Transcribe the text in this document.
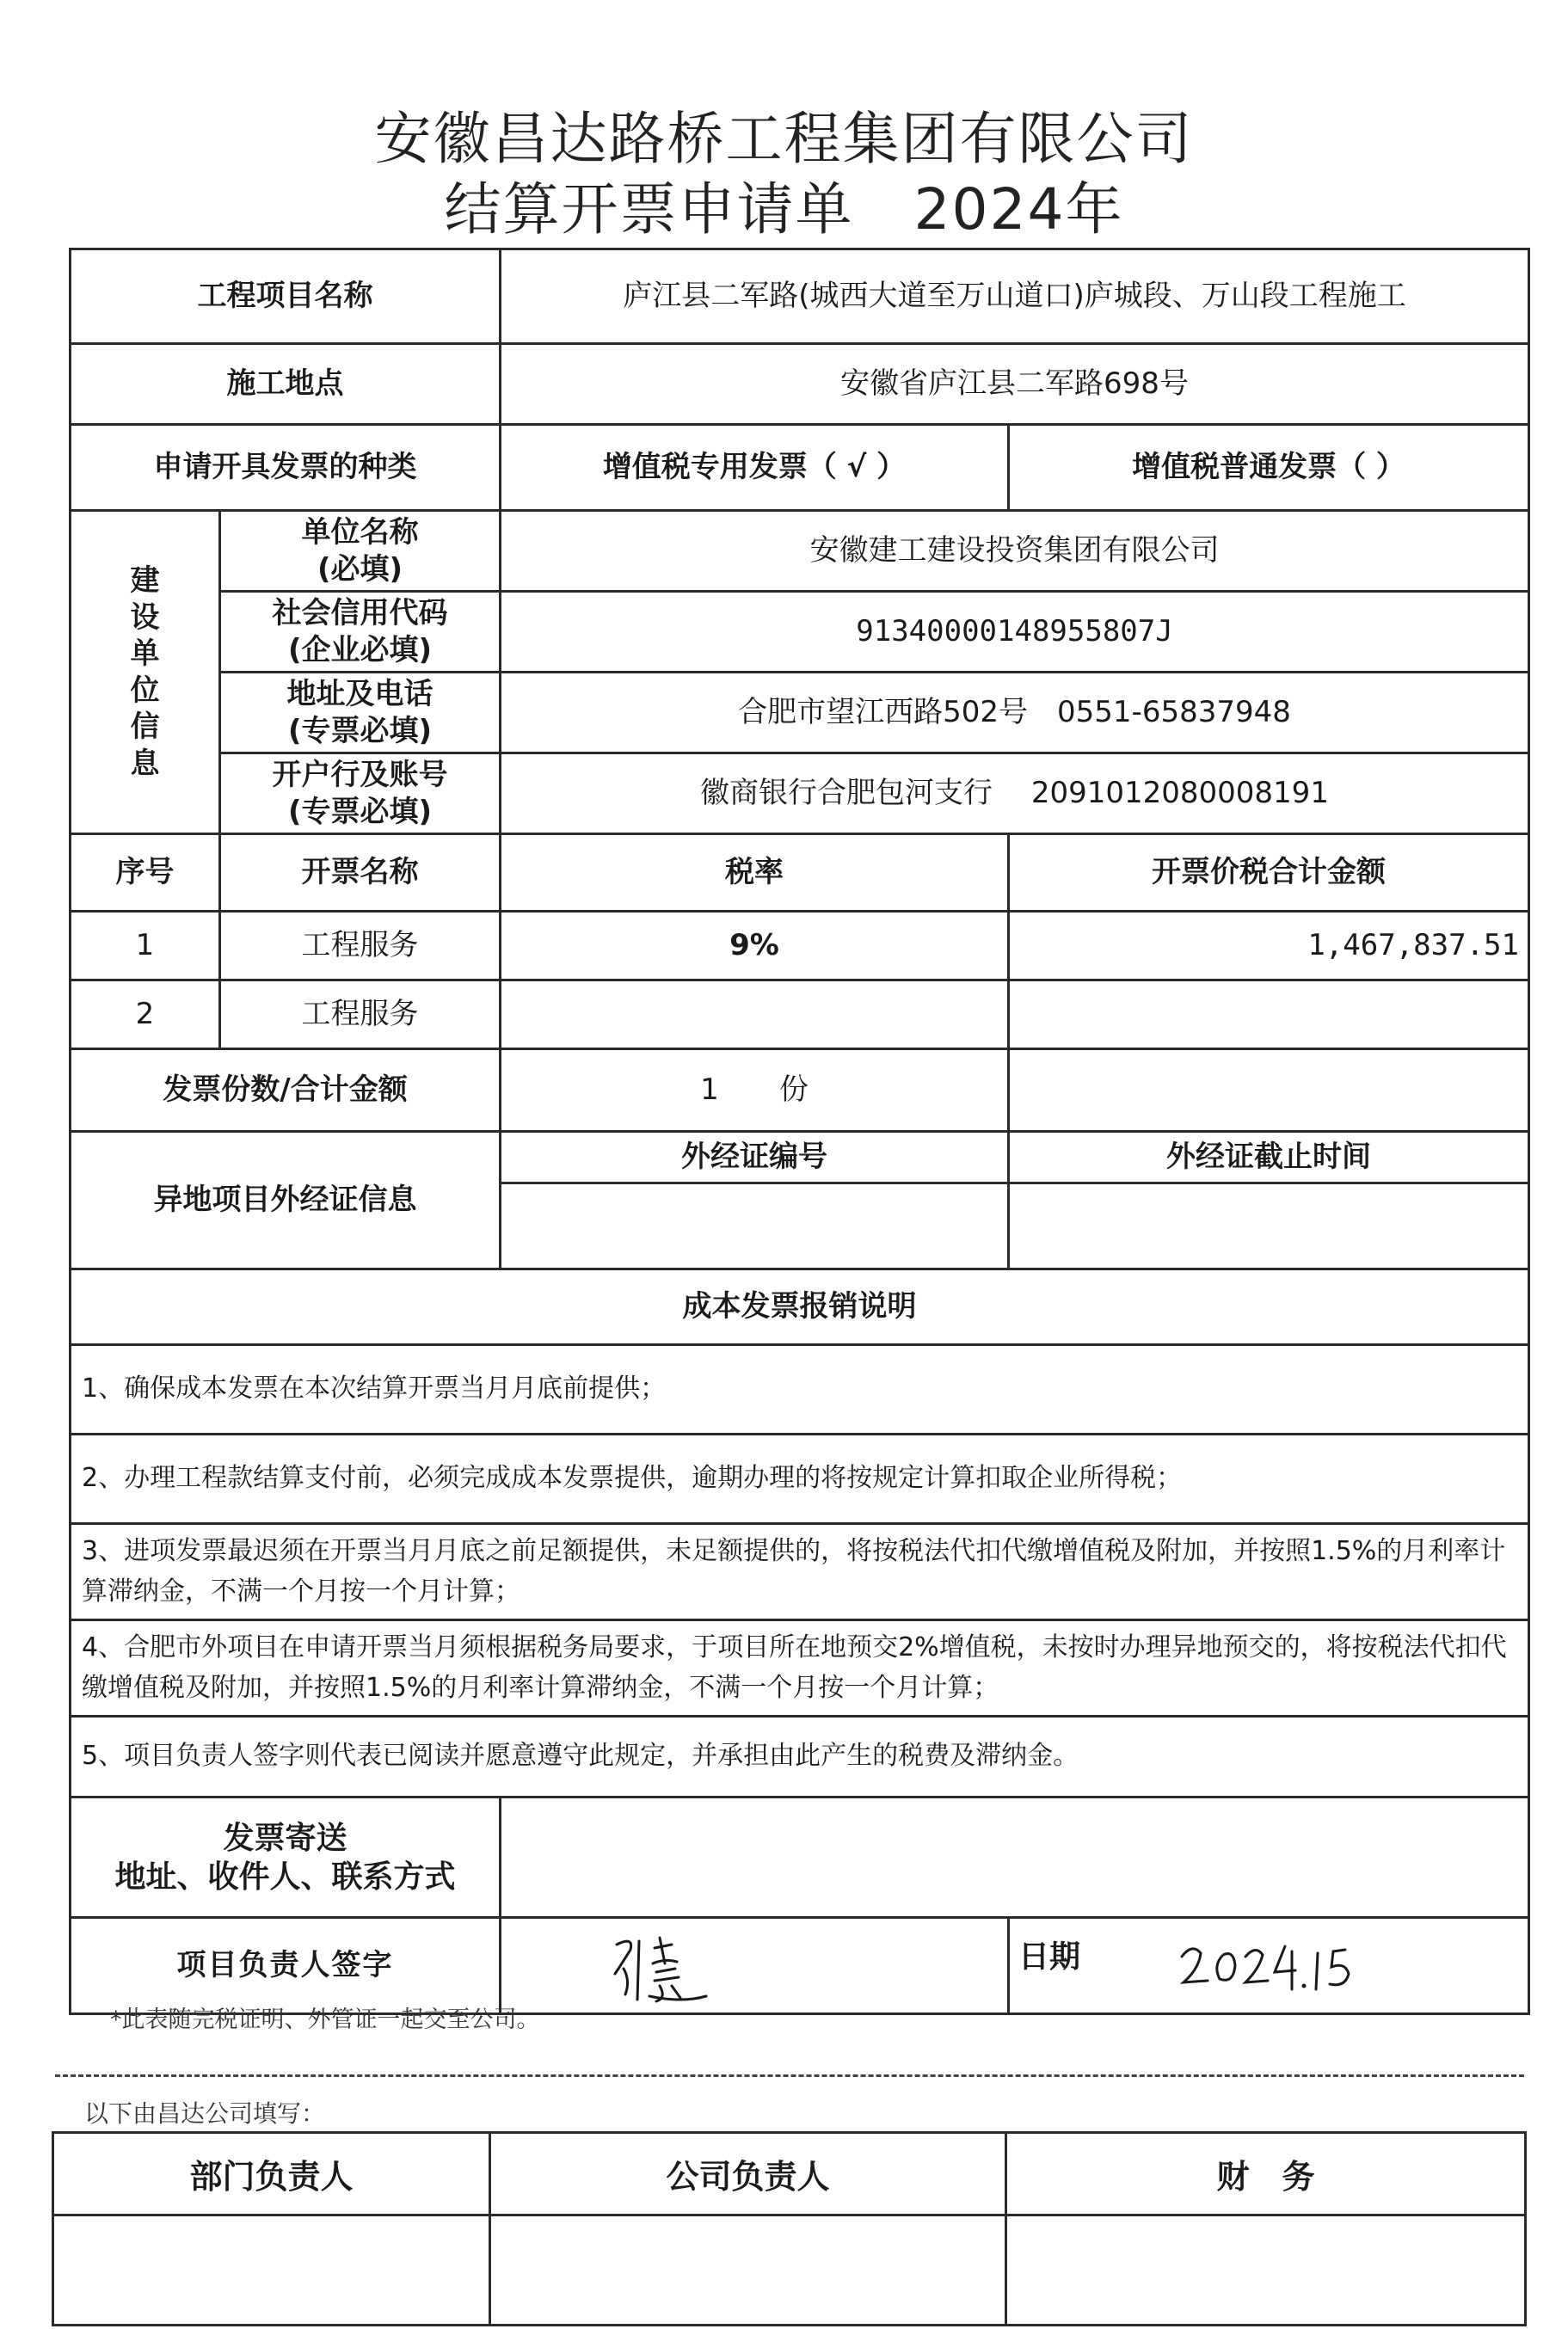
安徽昌达路桥工程集团有限公司
结算开票申请单 2024年
工程项目名称		庐江县二军路(城西大道至万山道口)庐城段、万山段工程施工	
施工地点		安徽省庐江县二军路698号	
申请开具发票的种类		增值税专用发票（ √ ）	增值税普通发票（ ）

建设单位信息	单位名称
(必填)	安徽建工建设投资集团有限公司	

	社会信用代码
(企业必填)	91340000148955807J	

	地址及电话
(专票必填)	合肥市望江西路502号　0551-65837948	

	开户行及账号
(专票必填)	徽商银行合肥包河支行　 2091012080008191	
序号	开票名称	税率	开票价税合计金额
1	工程服务	9%	1,467,837.51
2	工程服务		
发票份数/合计金额		1 份	
异地项目外经证信息		外经证编号	外经证截止时间

成本发票报销说明			
1、确保成本发票在本次结算开票当月月底前提供；			
2、办理工程款结算支付前，必须完成成本发票提供，逾期办理的将按规定计算扣取企业所得税；			
3、进项发票最迟须在开票当月月底之前足额提供，未足额提供的，将按税法代扣代缴增值税及附加，并按照1.5%的月利率计算滞纳金，不满一个月按一个月计算；			
4、合肥市外项目在申请开票当月须根据税务局要求，于项目所在地预交2%增值税，未按时办理异地预交的，将按税法代扣代缴增值税及附加，并按照1.5%的月利率计算滞纳金，不满一个月按一个月计算；			
5、项目负责人签字则代表已阅读并愿意遵守此规定，并承担由此产生的税费及滞纳金。			

发票寄送
地址、收件人、联系方式			

项目负责人签字			日期
*此表随完税证明、外管证一起交至公司。
以下由昌达公司填写：
部门负责人	公司负责人	财　务
